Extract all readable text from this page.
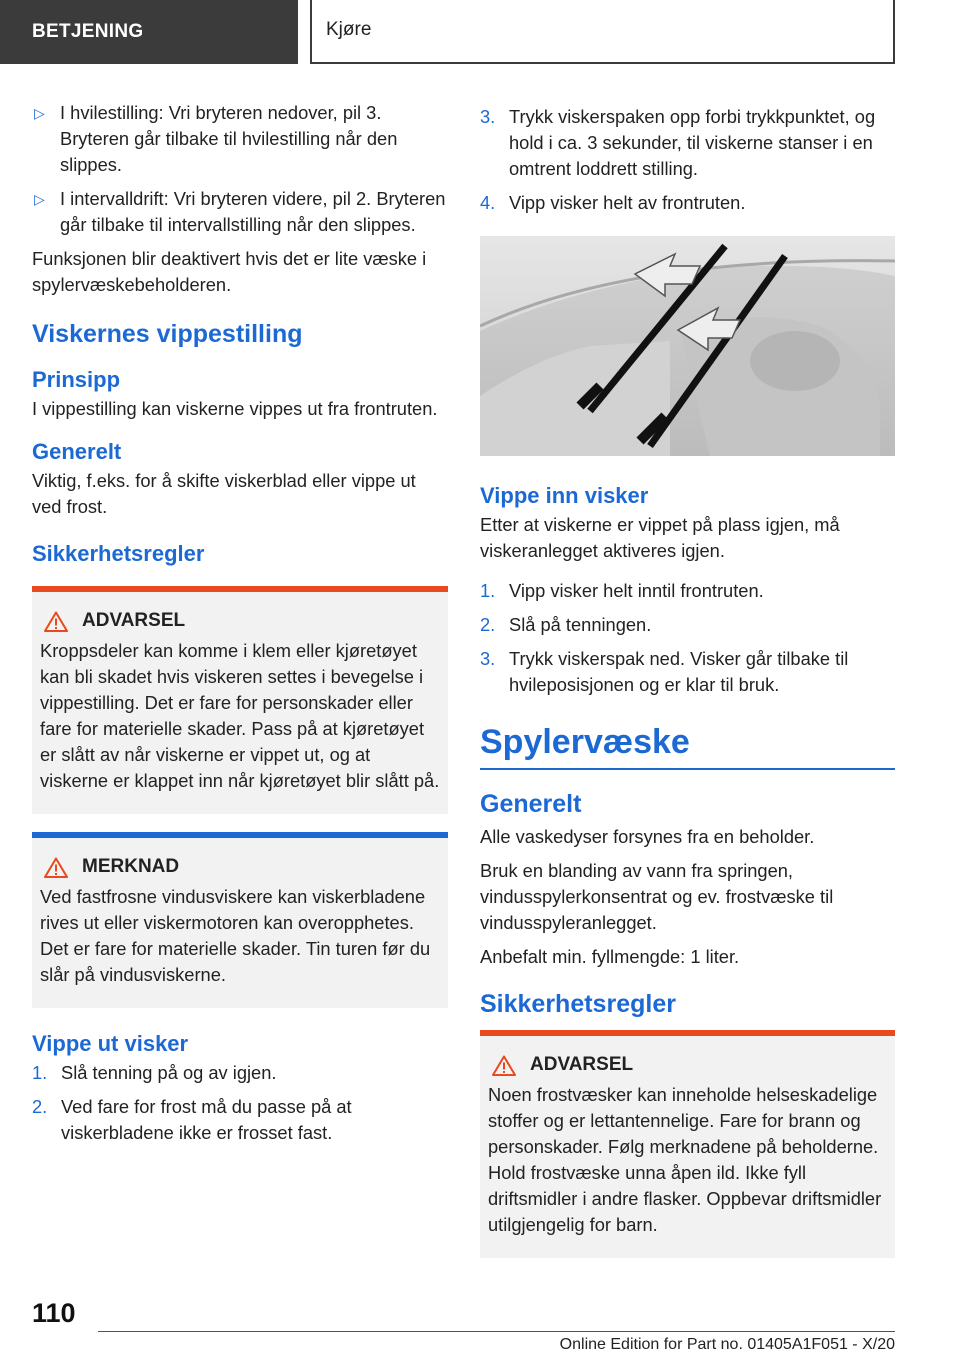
BETJENING	Kjøre
▷ I hvilestilling: Vri bryteren nedover, pil 3. Bryteren går tilbake til hvilestilling når den slippes.
▷ I intervalldrift: Vri bryteren videre, pil 2. Bryteren går tilbake til intervallstilling når den slippes.

Funksjonen blir deaktivert hvis det er lite væske i spylervæskebeholderen.

Viskernes vippestilling
Prinsipp

I vippestilling kan viskerne vippes ut fra frontruten.

Generelt

Viktig, f.eks. for å skifte viskerblad eller vippe ut ved frost.

Sikkerhetsregler
ADVARSEL
Kroppsdeler kan komme i klem eller kjøretøyet kan bli skadet hvis viskeren settes i bevegelse i vippestilling. Det er fare for personskader eller fare for materielle skader. Pass på at kjøretøyet er slått av når viskerne er vippet ut, og at viskerne er klappet inn når kjøretøyet blir slått på.
MERKNAD
Ved fastfrosne vindusviskere kan viskerbladene rives ut eller viskermotoren kan overopphetes. Det er fare for materielle skader. Tin turen før du slår på vindusviskerne.
Vippe ut visker
1. Slå tenning på og av igjen.
2. Ved fare for frost må du passe på at viskerbladene ikke er frosset fast.
3. Trykk viskerspaken opp forbi trykkpunktet, og hold i ca. 3 sekunder, til viskerne stanser i en omtrent loddrett stilling.
4. Vipp visker helt av frontruten.
Vippe inn visker

Etter at viskerne er vippet på plass igjen, må viskeranlegget aktiveres igjen.

1. Vipp visker helt inntil frontruten.
2. Slå på tenningen.
3. Trykk viskerspak ned. Visker går tilbake til hvileposisjonen og er klar til bruk.
Spylervæske
Generelt

Alle vaskedyser forsynes fra en beholder.

Bruk en blanding av vann fra springen, vindusspylerkonsentrat og ev. frostvæske til vindusspyleranlegget.

Anbefalt min. fyllmengde: 1 liter.

Sikkerhetsregler
ADVARSEL
Noen frostvæsker kan inneholde helseskadelige stoffer og er lettantennelige. Fare for brann og personskader. Følg merknadene på beholderne. Hold frostvæske unna åpen ild. Ikke fyll driftsmidler i andre flasker. Oppbevar driftsmidler utilgjengelig for barn.
110
Online Edition for Part no. 01405A1F051 - X/20
